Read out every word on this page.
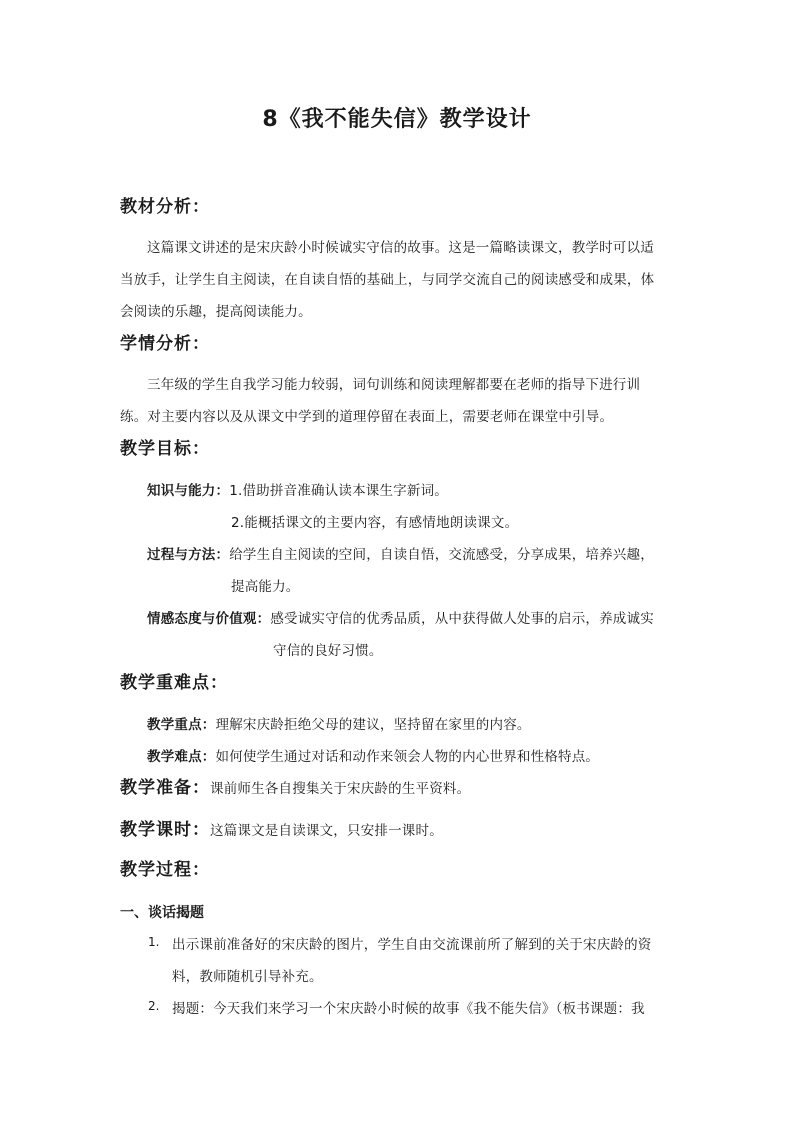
8《我不能失信》教学设计
教材分析：
这篇课文讲述的是宋庆龄小时候诚实守信的故事。这是一篇略读课文，教学时可以适
当放手，让学生自主阅读，在自读自悟的基础上，与同学交流自己的阅读感受和成果，体
会阅读的乐趣，提高阅读能力。
学情分析：
三年级的学生自我学习能力较弱，词句训练和阅读理解都要在老师的指导下进行训
练。对主要内容以及从课文中学到的道理停留在表面上，需要老师在课堂中引导。
教学目标：
知识与能力：1.借助拼音准确认读本课生字新词。
2.能概括课文的主要内容，有感情地朗读课文。
过程与方法：给学生自主阅读的空间，自读自悟，交流感受，分享成果，培养兴趣，
提高能力。
情感态度与价值观：感受诚实守信的优秀品质，从中获得做人处事的启示，养成诚实
守信的良好习惯。
教学重难点：
教学重点：理解宋庆龄拒绝父母的建议，坚持留在家里的内容。
教学难点：如何使学生通过对话和动作来领会人物的内心世界和性格特点。
教学准备：课前师生各自搜集关于宋庆龄的生平资料。
教学课时：这篇课文是自读课文，只安排一课时。
教学过程：
一、谈话揭题
1. 出示课前准备好的宋庆龄的图片，学生自由交流课前所了解到的关于宋庆龄的资
料，教师随机引导补充。
2. 揭题：今天我们来学习一个宋庆龄小时候的故事《我不能失信》（板书课题：我
